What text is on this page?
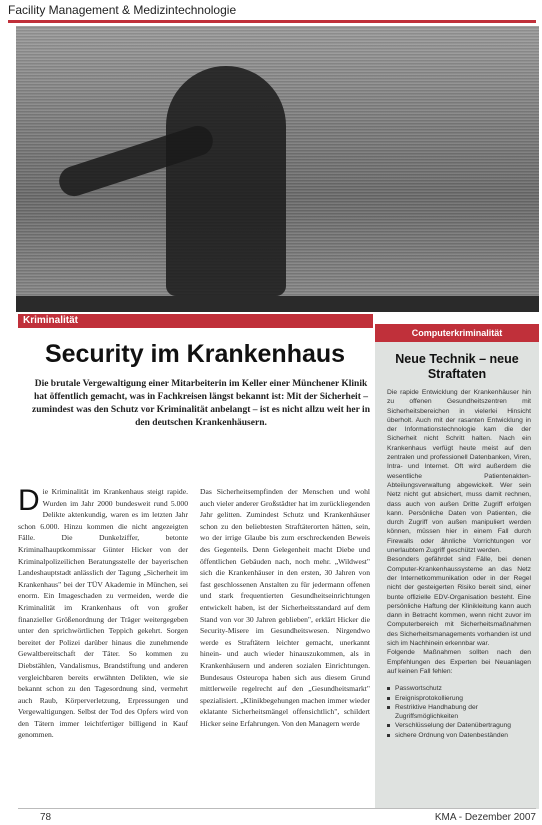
Facility Management & Medizintechnologie
Kriminalität
Security im Krankenhaus
Die brutale Vergewaltigung einer Mitarbeiterin im Keller einer Münchener Klinik hat öffentlich gemacht, was in Fachkreisen längst bekannt ist: Mit der Sicherheit – zumindest was den Schutz vor Kriminalität anbelangt – ist es nicht allzu weit her in den deutschen Krankenhäusern.
Die Kriminalität im Krankenhaus steigt rapide. Wurden im Jahr 2000 bundesweit rund 5.000 Delikte aktenkundig, waren es im letzten Jahr schon 6.000. Hinzu kommen die nicht angezeigten Fälle. Die Dunkelziffer, betonte Kriminalhauptkommissar Günter Hicker von der Kriminalpolizeilichen Beratungsstelle der bayerischen Landeshauptstadt anlässlich der Tagung „Sicherheit im Krankenhaus" bei der TÜV Akademie in München, sei enorm. Ein Imageschaden zu vermeiden, werde die Kriminalität im Krankenhaus oft von großer finanzieller Größenordnung der Träger weitergegeben unter den sprichwörtlichen Teppich gekehrt. Sorgen bereitet der Polizei darüber hinaus die zunehmende Gewaltbereitschaft der Täter. So kommen zu Diebstählen, Vandalismus, Brandstiftung und anderen vergleichbaren bereits erwähnten Delikten, wie sie bekannt schon zu den Tagesordnung sind, vermehrt auch Raub, Körperverletzung, Erpressungen und Vergewaltigungen. Selbst der Tod des Opfers wird von den Tätern immer leichtfertiger billigend in Kauf genommen.
Das Sicherheitsempfinden der Menschen und wohl auch vieler anderer Großstädter hat im zurückliegenden Jahr gelitten. Zumindest Schutz und Krankenhäuser schon zu den beliebtesten Straftäterorten hätten, sein, wo der irrige Glaube bis zum erschreckenden Beweis des Gegenteils. Denn Gelegenheit macht Diebe und öffentlichen Gebäuden nach, noch mehr. „Wildwest" sich die Krankenhäuser in den ersten, 30 Jahren von fast geschlossenen Anstalten zu für jedermann offenen und stark frequentierten Gesundheitseinrichtungen entwickelt haben, ist der Sicherheitsstandard auf dem Stand von vor 30 Jahren geblieben", erklärt Hicker die Security-Misere im Gesundheitswesen. Nirgendwo werde es Straftätern leichter gemacht, unerkannt hinein- und auch wieder hinauszukommen, als in Krankenhäusern und anderen sozialen Einrichtungen. Bundesaus Osteuropa haben sich aus diesem Grund mittlerweile regelrecht auf den „Gesundheitsmarkt" spezialisiert. „Klinikbegehungen machen immer wieder eklatante Sicherheitsmängel offensichtlich", schildert Hicker seine Erfahrungen. Von den Managern werde
Computerkriminalität
Neue Technik – neue Straftaten

Die rapide Entwicklung der Krankenhäuser hin zu offenen Gesundheitszentren mit Sicherheitsbereichen in vielerlei Hinsicht überholt. Auch mit der rasanten Entwicklung in der Informationstechnologie kam die der Sicherheit nicht Schritt halten. Nach ein Krankenhaus verfügt heute meist auf den zentralen und professionell Datenbanken, Viren, Intra- und Internet. Oft wird außerdem die wesentliche Patientenakten-Abteilungsverwaltung abgewickelt. Wer sein Netz nicht gut absichert, muss damit rechnen, dass auch von außen Dritte Zugriff erfolgen kann. Persönliche Daten von Patienten, die durch Zugriff von außen manipuliert werden können, müssen hier in einem Fall durch Firewalls oder ähnliche Vorrichtungen vor unerlaubtem Zugriff geschützt werden.

Besonders gefährdet sind Fälle, bei denen Computer-Krankenhaussysteme an das Netz der Internetkommunikation oder in der Regel nicht der gesteigerten Risiko bereit sind, einer bunte offizielle EDV-Organisation besteht. Eine persönliche Haftung der Klinikleitung kann auch dann in Betracht kommen, wenn nicht zuvor im Computerbereich mit Sicherheitsmaßnahmen des Sicherheitsmanagements vorhanden ist und sich im Nachhinein erkennbar war.

Folgende Maßnahmen sollten nach den Empfehlungen des Experten bei Neuanlagen auf keinen Fall fehlen:

Passwortschutz
Ereignisprotokollierung
Restriktive Handhabung der Zugriffsmöglichkeiten
Verschlüsselung der Datenübertragung
sichere Ordnung von Datenbeständen
78	KMA - Dezember 2007
